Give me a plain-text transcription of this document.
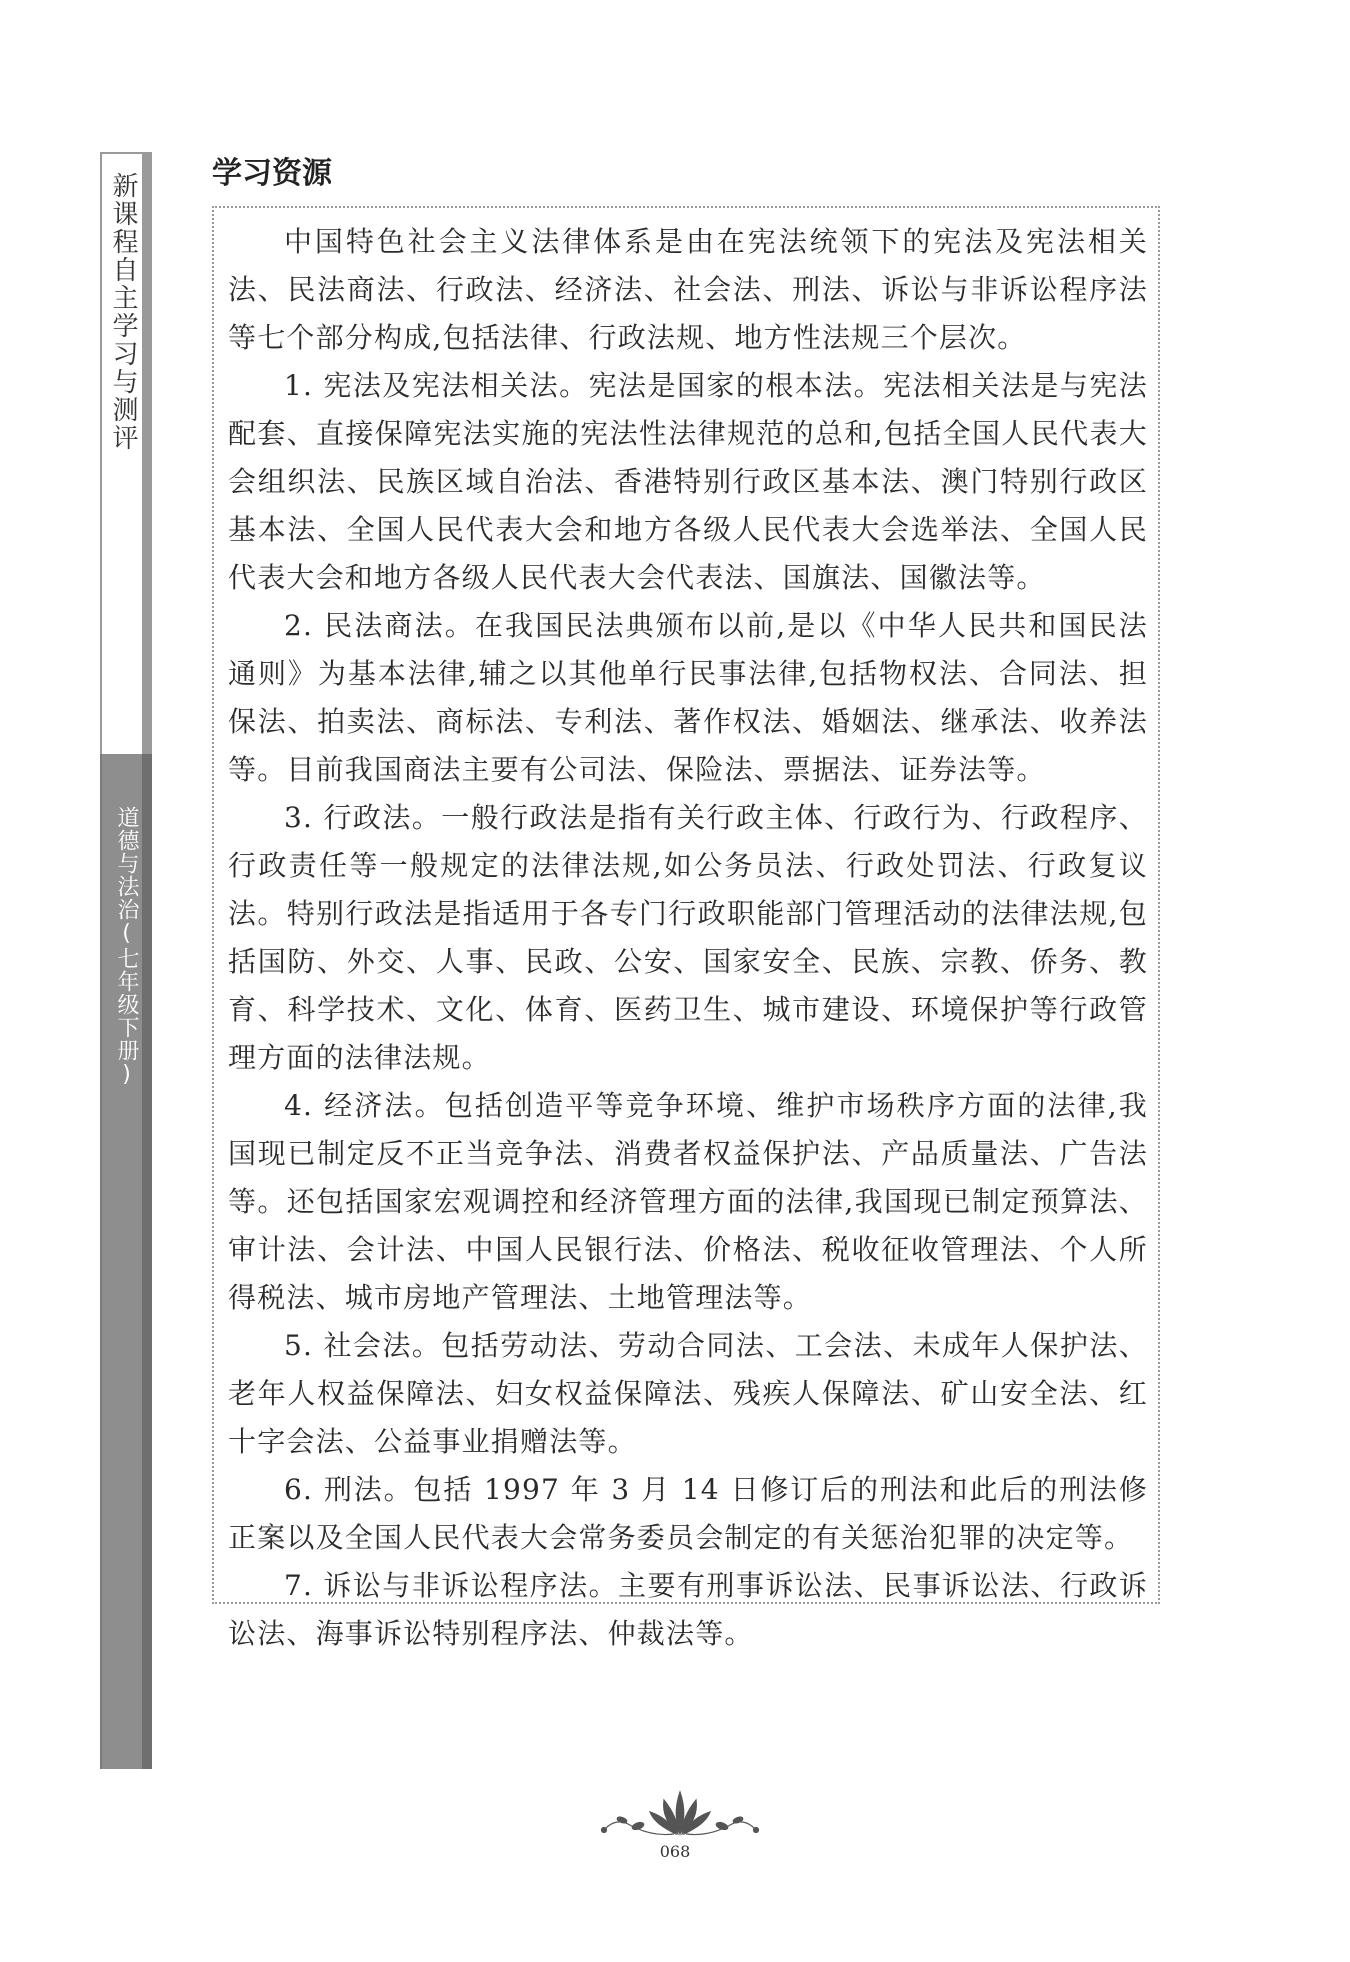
新课程自主学习与测评
道德与法治(七年级下册)
学习资源

中国特色社会主义法律体系是由在宪法统领下的宪法及宪法相关法、民法商法、行政法、经济法、社会法、刑法、诉讼与非诉讼程序法等七个部分构成,包括法律、行政法规、地方性法规三个层次。

1. 宪法及宪法相关法。宪法是国家的根本法。宪法相关法是与宪法配套、直接保障宪法实施的宪法性法律规范的总和,包括全国人民代表大会组织法、民族区域自治法、香港特别行政区基本法、澳门特别行政区基本法、全国人民代表大会和地方各级人民代表大会选举法、全国人民代表大会和地方各级人民代表大会代表法、国旗法、国徽法等。

2. 民法商法。在我国民法典颁布以前,是以《中华人民共和国民法通则》为基本法律,辅之以其他单行民事法律,包括物权法、合同法、担保法、拍卖法、商标法、专利法、著作权法、婚姻法、继承法、收养法等。目前我国商法主要有公司法、保险法、票据法、证券法等。

3. 行政法。一般行政法是指有关行政主体、行政行为、行政程序、行政责任等一般规定的法律法规,如公务员法、行政处罚法、行政复议法。特别行政法是指适用于各专门行政职能部门管理活动的法律法规,包括国防、外交、人事、民政、公安、国家安全、民族、宗教、侨务、教育、科学技术、文化、体育、医药卫生、城市建设、环境保护等行政管理方面的法律法规。

4. 经济法。包括创造平等竞争环境、维护市场秩序方面的法律,我国现已制定反不正当竞争法、消费者权益保护法、产品质量法、广告法等。还包括国家宏观调控和经济管理方面的法律,我国现已制定预算法、审计法、会计法、中国人民银行法、价格法、税收征收管理法、个人所得税法、城市房地产管理法、土地管理法等。

5. 社会法。包括劳动法、劳动合同法、工会法、未成年人保护法、老年人权益保障法、妇女权益保障法、残疾人保障法、矿山安全法、红十字会法、公益事业捐赠法等。

6. 刑法。包括 1997 年 3 月 14 日修订后的刑法和此后的刑法修正案以及全国人民代表大会常务委员会制定的有关惩治犯罪的决定等。

7. 诉讼与非诉讼程序法。主要有刑事诉讼法、民事诉讼法、行政诉讼法、海事诉讼特别程序法、仲裁法等。

068
